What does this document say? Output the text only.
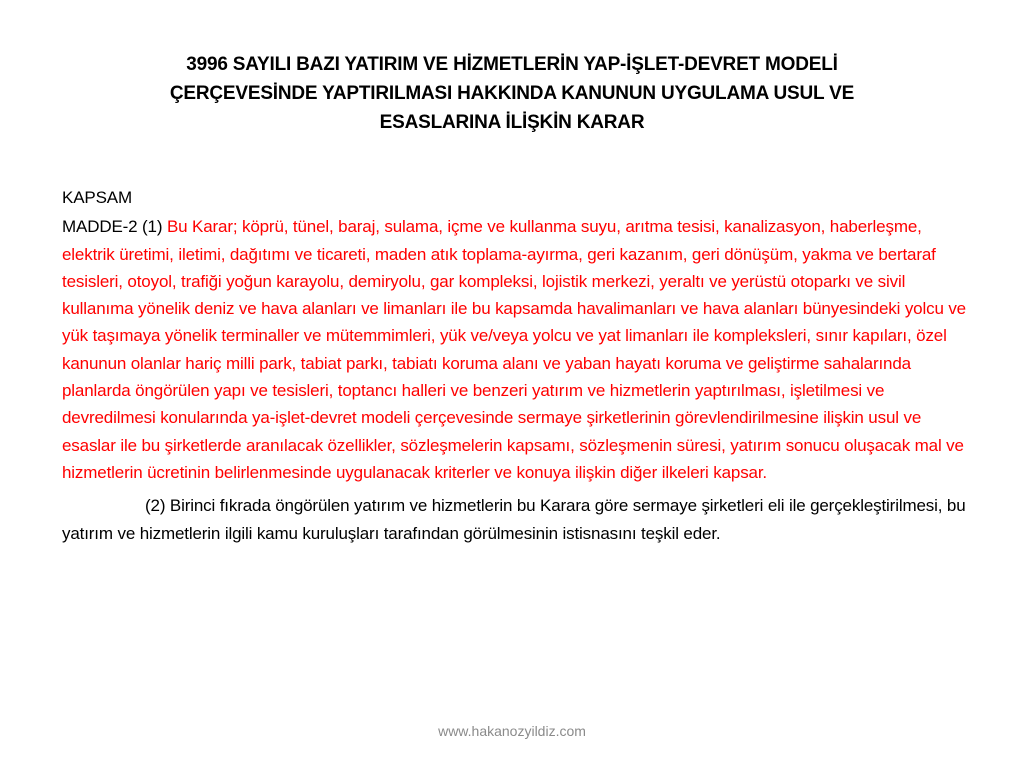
3996 SAYILI BAZI YATIRIM VE HİZMETLERİN YAP-İŞLET-DEVRET MODELİ ÇERÇEVESİNDE YAPTIRILMASI HAKKINDA KANUNUN UYGULAMA USUL VE ESASLARINA İLİŞKİN KARAR
KAPSAM

MADDE-2 (1) Bu Karar; köprü, tünel, baraj, sulama, içme ve kullanma suyu, arıtma tesisi, kanalizasyon, haberleşme, elektrik üretimi, iletimi, dağıtımı ve ticareti, maden atık toplama-ayırma, geri kazanım, geri dönüşüm, yakma ve bertaraf tesisleri, otoyol, trafiği yoğun karayolu, demiryolu, gar kompleksi, lojistik merkezi, yeraltı ve yerüstü otoparkı ve sivil kullanıma yönelik deniz ve hava alanları ve limanları ile bu kapsamda havalimanları ve hava alanları bünyesindeki yolcu ve yük taşımaya yönelik terminaller ve mütemmimleri, yük ve/veya yolcu ve yat limanları ile kompleksleri, sınır kapıları, özel kanunun olanlar hariç milli park, tabiat parkı, tabiatı koruma alanı ve yaban hayatı koruma ve geliştirme sahalarında planlarda öngörülen yapı ve tesisleri, toptancı halleri ve benzeri yatırım ve hizmetlerin yaptırılması, işletilmesi ve devredilmesi konularında ya-işlet-devret modeli çerçevesinde sermaye şirketlerinin görevlendirilmesine ilişkin usul ve esaslar ile bu şirketlerde aranılacak özellikler, sözleşmelerin kapsamı, sözleşmenin süresi, yatırım sonucu oluşacak mal ve hizmetlerin ücretinin belirlenmesinde uygulanacak kriterler ve konuya ilişkin diğer ilkeleri kapsar.

(2) Birinci fıkrada öngörülen yatırım ve hizmetlerin bu Karara göre sermaye şirketleri eli ile gerçekleştirilmesi, bu yatırım ve hizmetlerin ilgili kamu kuruluşları tarafından görülmesinin istisnasını teşkil eder.

www.hakanozyildiz.com
